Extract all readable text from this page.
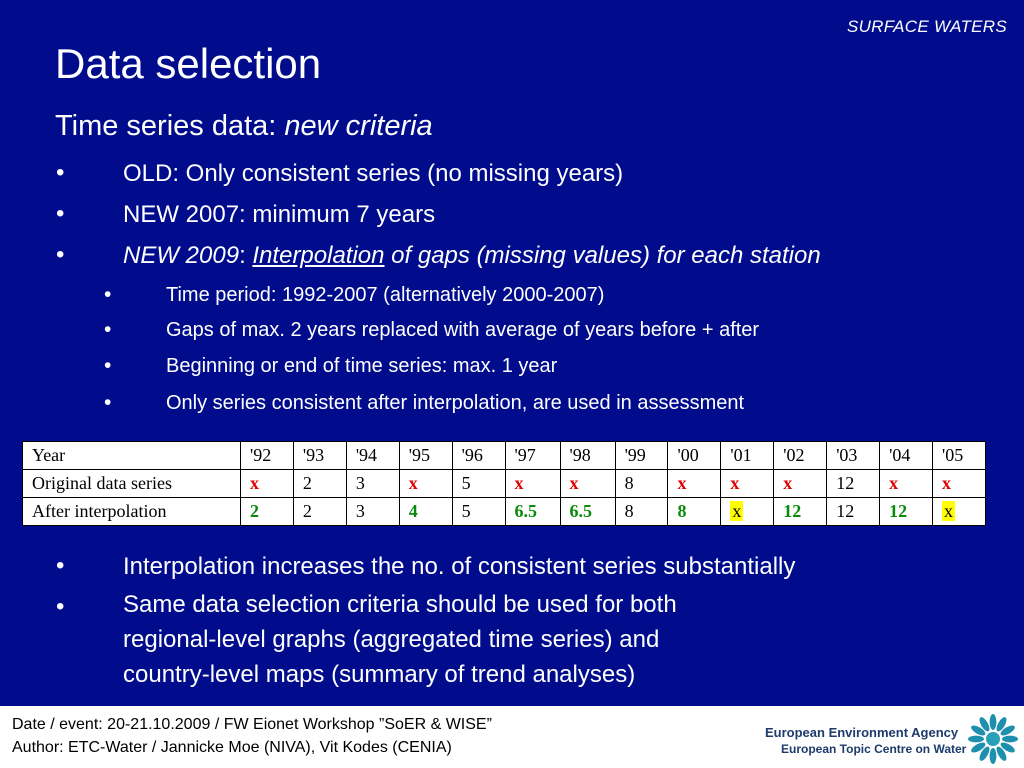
SURFACE WATERS
Data selection
Time series data: new criteria
• OLD: Only consistent series (no missing years)
• NEW 2007: minimum 7 years
• NEW 2009: Interpolation of gaps (missing values) for each station
•	Time period: 1992-2007 (alternatively 2000-2007)
•	Gaps of max. 2 years replaced with average of years before + after
•	Beginning or end of time series: max. 1 year
•	Only series consistent after interpolation, are used in assessment
Year	'92	'93	'94	'95	'96	'97	'98	'99	'00	'01	'02	'03	'04	'05
Original data series	x	2	3	x	5	x	x	8	x	x	x	12	x	x
After interpolation	2	2	3	4	5	6.5	6.5	8	8	x	12	12	12	x
• Interpolation increases the no. of consistent series substantially
• Same data selection criteria should be used for both
regional-level graphs (aggregated time series) and
country-level maps (summary of trend analyses)
Date / event: 20-21.10.2009 / FW Eionet Workshop ”SoER & WISE”
Author: ETC-Water / Jannicke Moe (NIVA), Vit Kodes (CENIA)
European Environment Agency
European Topic Centre on Water
